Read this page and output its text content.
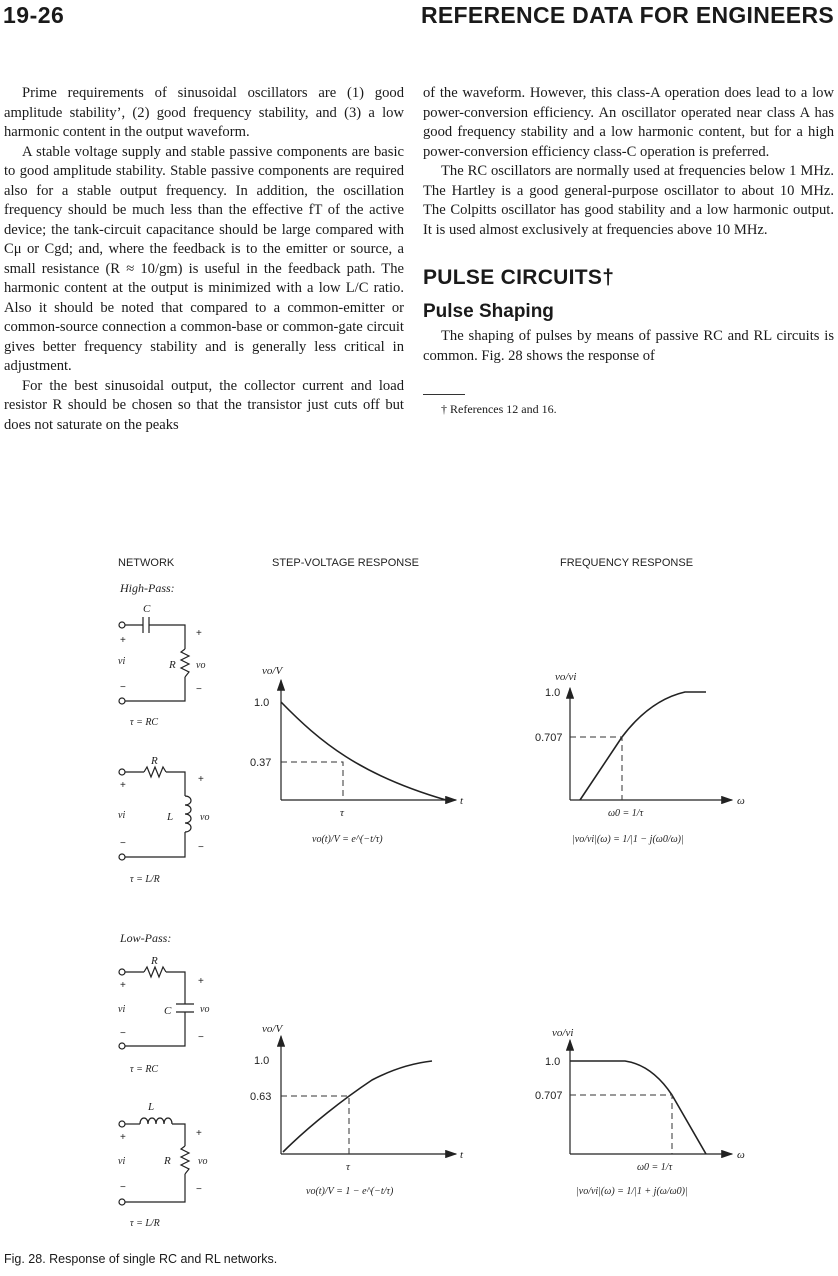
19-26	REFERENCE DATA FOR ENGINEERS

Prime requirements of sinusoidal oscillators are (1) good amplitude stability’, (2) good frequency stability, and (3) a low harmonic content in the output waveform.

A stable voltage supply and stable passive components are basic to good amplitude stability. Stable passive components are required also for a stable output frequency. In addition, the oscillation frequency should be much less than the effective fT of the active device; the tank-circuit capacitance should be large compared with Cμ or Cgd; and, where the feedback is to the emitter or source, a small resistance (R ≈ 10/gm) is useful in the feedback path. The harmonic content at the output is minimized with a low L/C ratio. Also it should be noted that compared to a common-emitter or common-source connection a common-base or common-gate circuit gives better frequency stability and is generally less critical in adjustment.

For the best sinusoidal output, the collector current and load resistor R should be chosen so that the transistor just cuts off but does not saturate on the peaks

of the waveform. However, this class-A operation does lead to a low power-conversion efficiency. An oscillator operated near class A has good frequency stability and a low harmonic content, but for a high power-conversion efficiency class-C operation is preferred.

The RC oscillators are normally used at frequencies below 1 MHz. The Hartley is a good general-purpose oscillator to about 10 MHz. The Colpitts oscillator has good stability and a low harmonic output. It is used almost exclusively at frequencies above 10 MHz.

PULSE CIRCUITS†
Pulse Shaping

The shaping of pulses by means of passive RC and RL circuits is common. Fig. 28 shows the response of

† References 12 and 16.

NETWORK	STEP-VOLTAGE RESPONSE	FREQUENCY RESPONSE
High-Pass:
C
R
vi	vo
+
−
+
−
τ = RC
R
L
vi	vo
+
−
+
−
τ = L/R
Low-Pass:
R
C
vi	vo
+
−
+
−
τ = RC
L
R
vi	vo
+
−
+
−
τ = L/R
vo/V
1.0
0.37
τ
t
vo(t)/V = e^(−t/τ)
vo/vi
1.0
0.707
ω0 = 1/τ
ω
|vo/vi|(ω) = 1/|1 − j(ω0/ω)|
vo/V
1.0
0.63
τ
t
vo(t)/V = 1 − e^(−t/τ)
vo/vi
1.0
0.707
ω0 = 1/τ
ω
|vo/vi|(ω) = 1/|1 + j(ω/ω0)|
Fig. 28. Response of single RC and RL networks.
